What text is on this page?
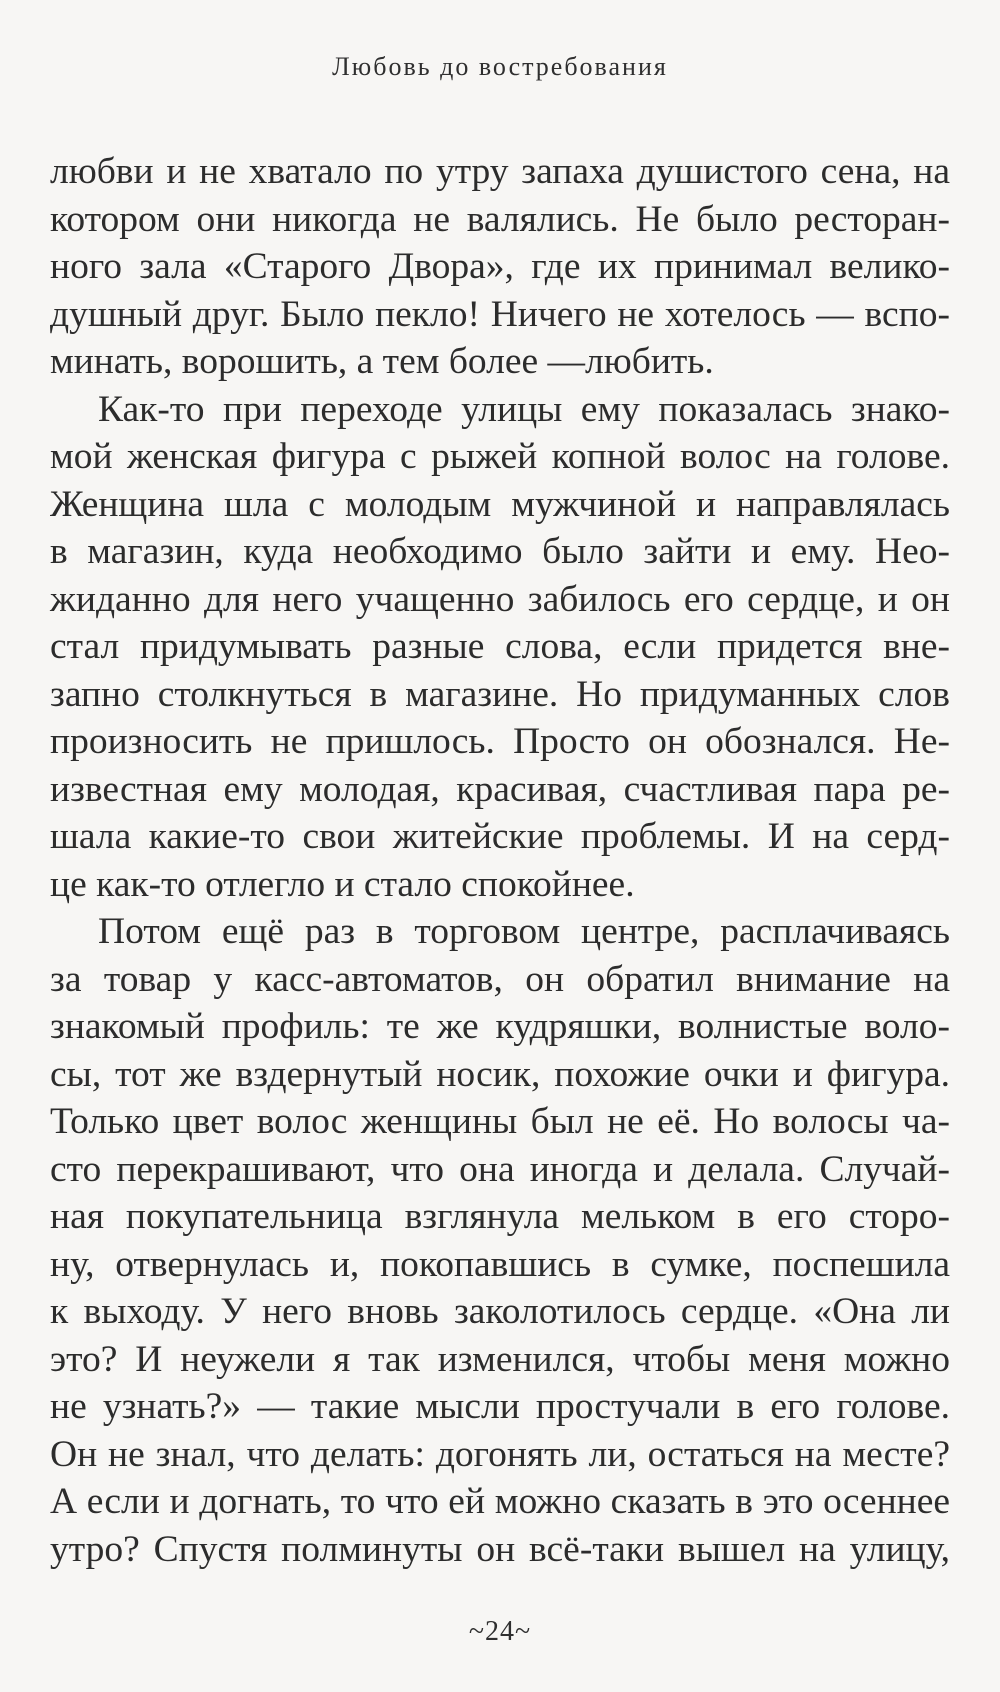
Любовь до востребования
любви и не хватало по утру запаха душистого сена, на
котором они никогда не валялись. Не было ресторан-
ного зала «Старого Двора», где их принимал велико-
душный друг. Было пекло! Ничего не хотелось — вспо-
минать, ворошить, а тем более —любить.
Как-то при переходе улицы ему показалась знако-
мой женская фигура с рыжей копной волос на голове.
Женщина шла с молодым мужчиной и направлялась
в магазин, куда необходимо было зайти и ему. Нео-
жиданно для него учащенно забилось его сердце, и он
стал придумывать разные слова, если придется вне-
запно столкнуться в магазине. Но придуманных слов
произносить не пришлось. Просто он обознался. Не-
известная ему молодая, красивая, счастливая пара ре-
шала какие-то свои житейские проблемы. И на серд-
це как-то отлегло и стало спокойнее.
Потом ещё раз в торговом центре, расплачиваясь
за товар у касс-автоматов, он обратил внимание на
знакомый профиль: те же кудряшки, волнистые воло-
сы, тот же вздернутый носик, похожие очки и фигура.
Только цвет волос женщины был не её. Но волосы ча-
сто перекрашивают, что она иногда и делала. Случай-
ная покупательница взглянула мельком в его сторо-
ну, отвернулась и, покопавшись в сумке, поспешила
к выходу. У него вновь заколотилось сердце. «Она ли
это? И неужели я так изменился, чтобы меня можно
не узнать?» — такие мысли простучали в его голове.
Он не знал, что делать: догонять ли, остаться на месте?
А если и догнать, то что ей можно сказать в это осеннее
утро? Спустя полминуты он всё-таки вышел на улицу,
~24~
